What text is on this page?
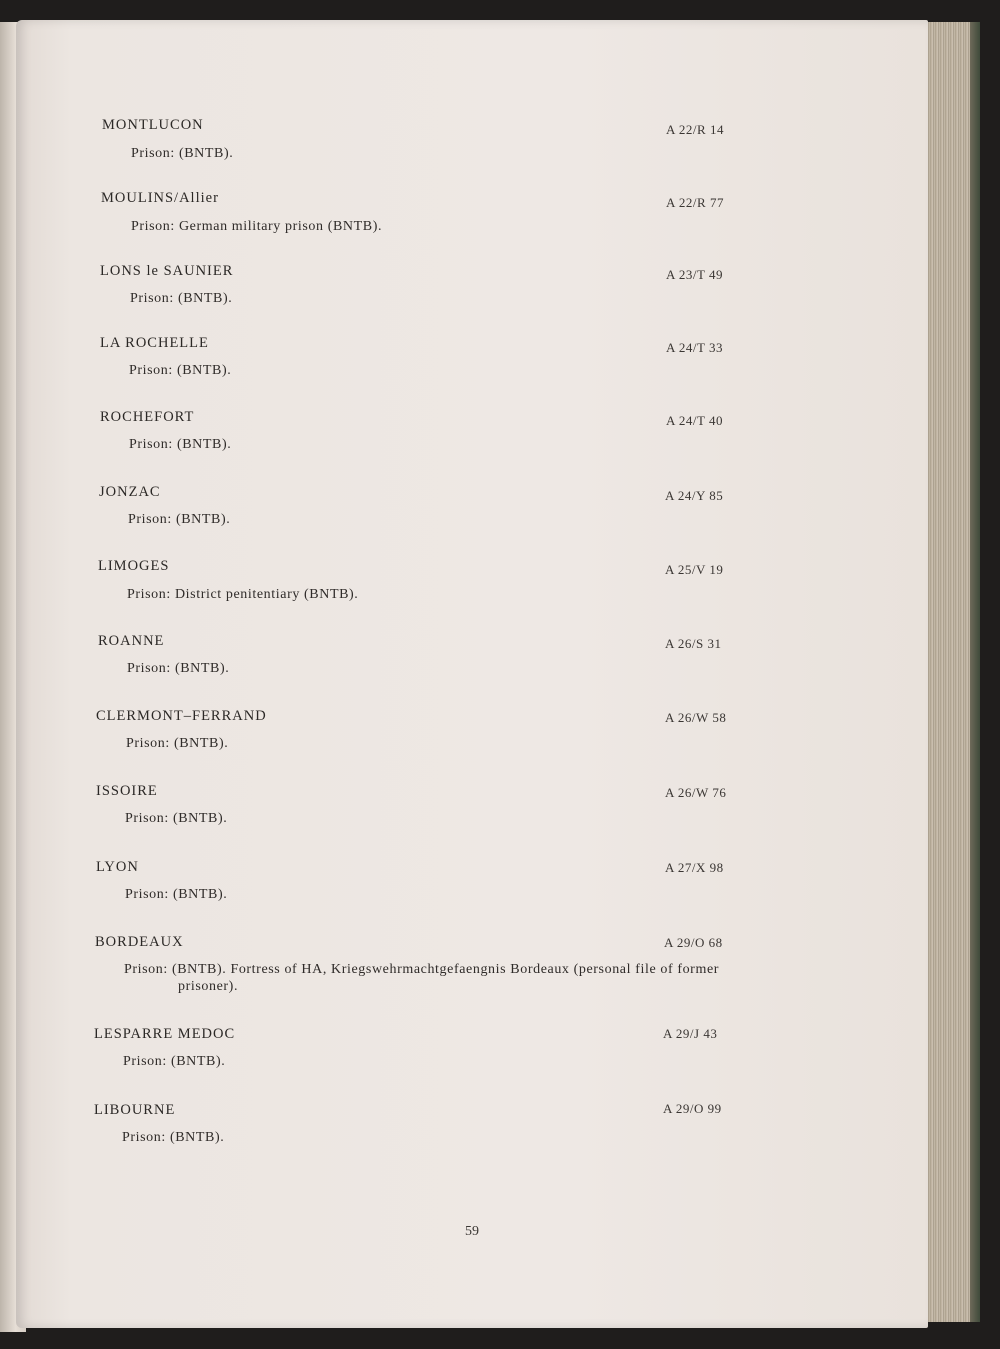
MONTLUCON	A 22/R 14
Prison: (BNTB).
MOULINS/Allier	A 22/R 77
Prison: German military prison (BNTB).
LONS le SAUNIER	A 23/T 49
Prison: (BNTB).
LA ROCHELLE	A 24/T 33
Prison: (BNTB).
ROCHEFORT	A 24/T 40
Prison: (BNTB).
JONZAC	A 24/Y 85
Prison: (BNTB).
LIMOGES	A 25/V 19
Prison: District penitentiary (BNTB).
ROANNE	A 26/S 31
Prison: (BNTB).
CLERMONT–FERRAND	A 26/W 58
Prison: (BNTB).
ISSOIRE	A 26/W 76
Prison: (BNTB).
LYON	A 27/X 98
Prison: (BNTB).
BORDEAUX	A 29/O 68
Prison: (BNTB). Fortress of HA, Kriegswehrmachtgefaengnis Bordeaux (personal file of former
prisoner).
LESPARRE MEDOC	A 29/J 43
Prison: (BNTB).
LIBOURNE	A 29/O 99
Prison: (BNTB).
59
